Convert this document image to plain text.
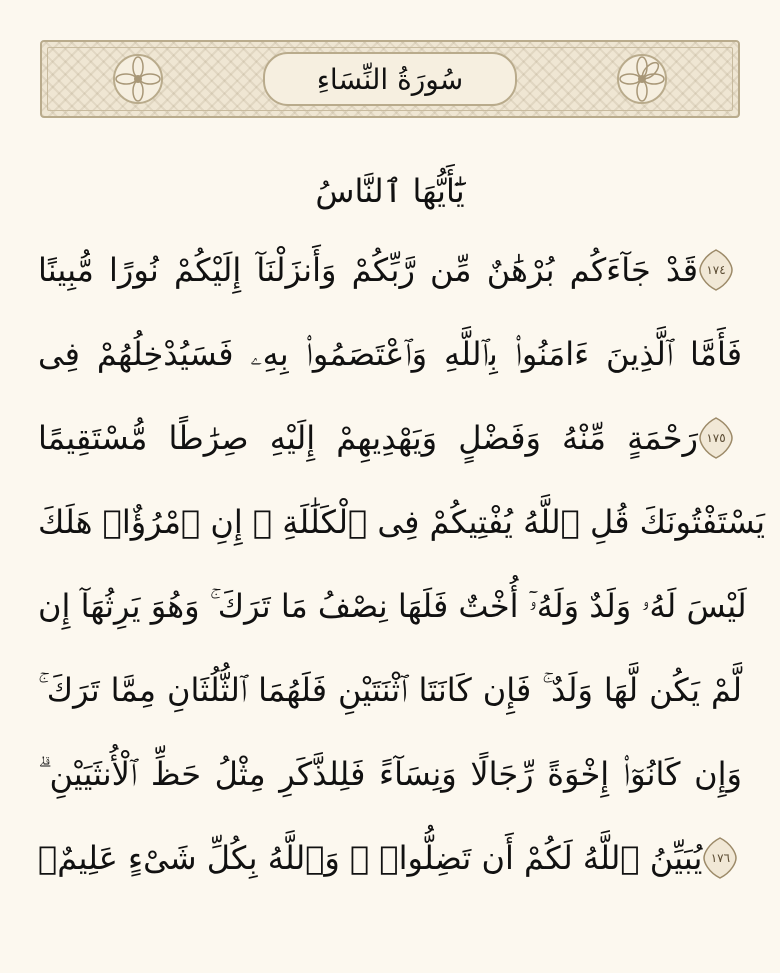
سُورَةُ النِّسَاءِ
يَٰٓأَيُّهَا ٱلنَّاسُ
قَدْ جَآءَكُم بُرْهَٰنٌ مِّن رَّبِّكُمْ وَأَنزَلْنَآ إِلَيْكُمْ نُورًا مُّبِينًا ١٧٤
فَأَمَّا ٱلَّذِينَ ءَامَنُوا۟ بِٱللَّهِ وَٱعْتَصَمُوا۟ بِهِۦ فَسَيُدْخِلُهُمْ فِى
رَحْمَةٍ مِّنْهُ وَفَضْلٍ وَيَهْدِيهِمْ إِلَيْهِ صِرَٰطًا مُّسْتَقِيمًا ١٧٥
يَسْتَفْتُونَكَ قُلِ ٱللَّهُ يُفْتِيكُمْ فِى ٱلْكَلَٰلَةِ ۚ إِنِ ٱمْرُؤٌا۟ هَلَكَ
لَيْسَ لَهُۥ وَلَدٌ وَلَهُۥٓ أُخْتٌ فَلَهَا نِصْفُ مَا تَرَكَ ۚ وَهُوَ يَرِثُهَآ إِن
لَّمْ يَكُن لَّهَا وَلَدٌ ۚ فَإِن كَانَتَا ٱثْنَتَيْنِ فَلَهُمَا ٱلثُّلُثَانِ مِمَّا تَرَكَ ۚ
وَإِن كَانُوٓا۟ إِخْوَةً رِّجَالًا وَنِسَآءً فَلِلذَّكَرِ مِثْلُ حَظِّ ٱلْأُنثَيَيْنِ ۗ
يُبَيِّنُ ٱللَّهُ لَكُمْ أَن تَضِلُّوا۟ ۗ وَٱللَّهُ بِكُلِّ شَىْءٍ عَلِيمٌۢ ١٧٦
